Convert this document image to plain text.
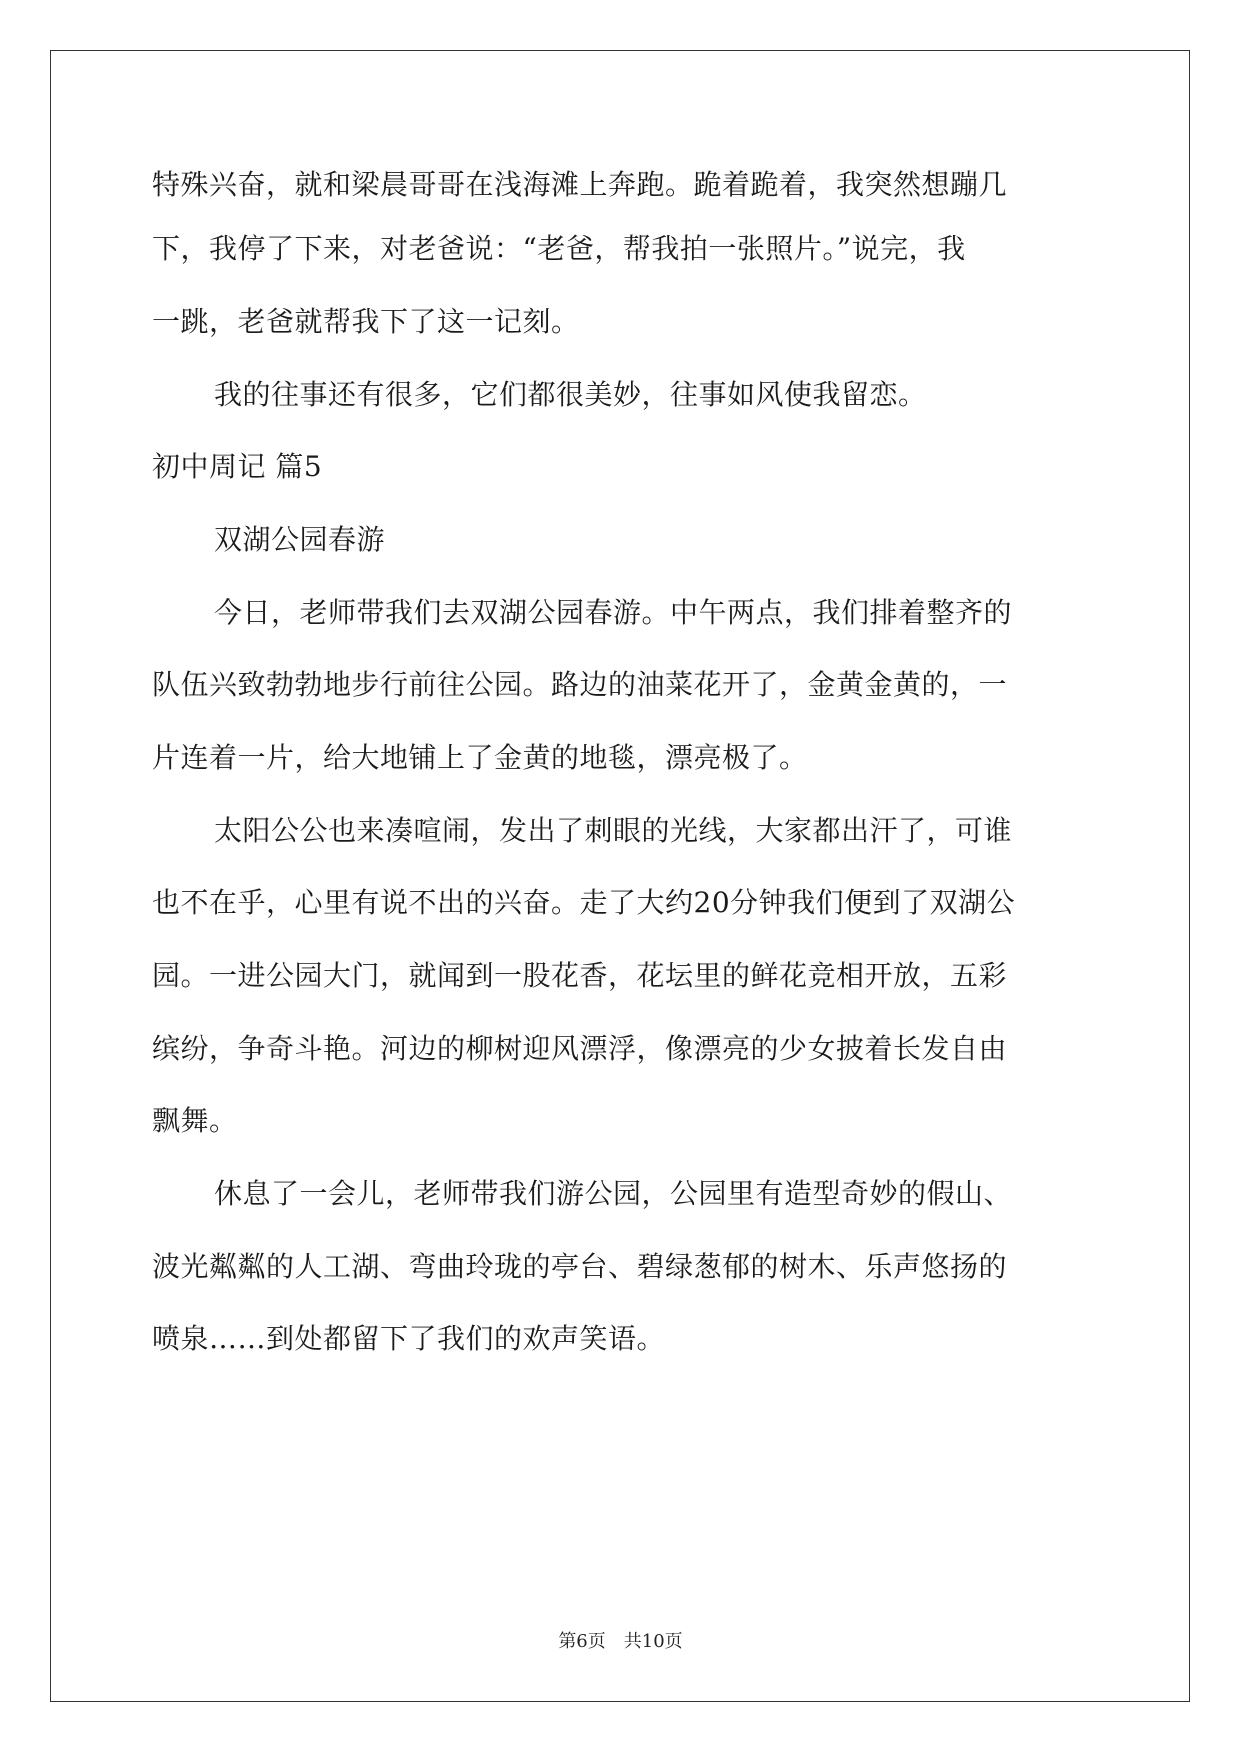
特殊兴奋，就和梁晨哥哥在浅海滩上奔跑。跪着跪着，我突然想蹦几

下，我停了下来，对老爸说：“老爸，帮我拍一张照片。”说完，我

一跳，老爸就帮我下了这一记刻。

我的往事还有很多，它们都很美妙，往事如风使我留恋。

初中周记 篇5

双湖公园春游

今日，老师带我们去双湖公园春游。中午两点，我们排着整齐的

队伍兴致勃勃地步行前往公园。路边的油菜花开了，金黄金黄的，一

片连着一片，给大地铺上了金黄的地毯，漂亮极了。

太阳公公也来凑喧闹，发出了刺眼的光线，大家都出汗了，可谁

也不在乎，心里有说不出的兴奋。走了大约20分钟我们便到了双湖公

园。一进公园大门，就闻到一股花香，花坛里的鲜花竞相开放，五彩

缤纷，争奇斗艳。河边的柳树迎风漂浮，像漂亮的少女披着长发自由

飘舞。

休息了一会儿，老师带我们游公园，公园里有造型奇妙的假山、

波光粼粼的人工湖、弯曲玲珑的亭台、碧绿葱郁的树木、乐声悠扬的

喷泉……到处都留下了我们的欢声笑语。

第6页　共10页
